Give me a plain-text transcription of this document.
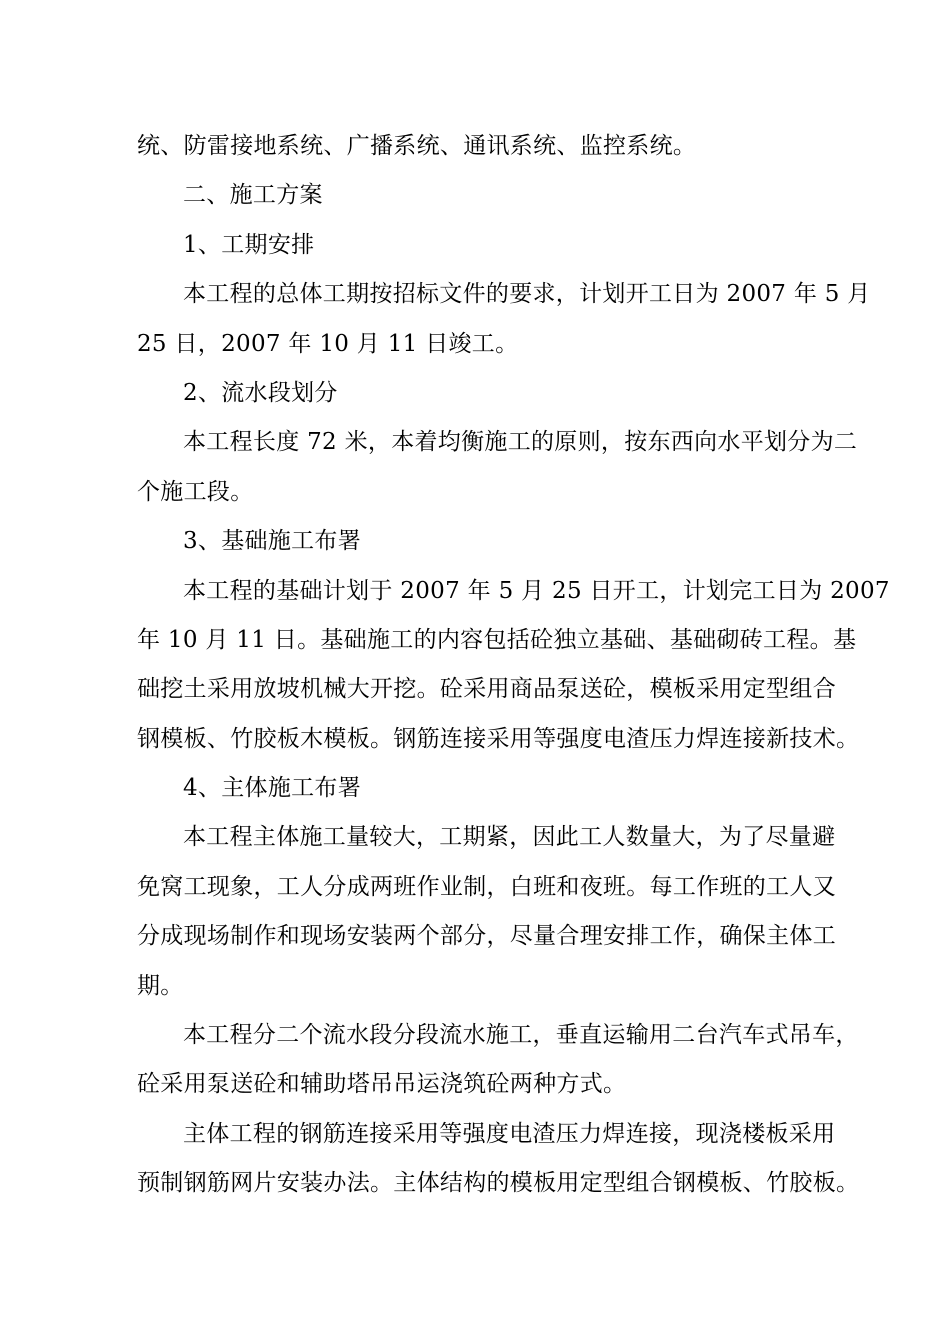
统、防雷接地系统、广播系统、通讯系统、监控系统。
二、施工方案
1、工期安排
本工程的总体工期按招标文件的要求，计划开工日为 2007 年 5 月
25 日，2007 年 10 月 11 日竣工。
2、流水段划分
本工程长度 72 米，本着均衡施工的原则，按东西向水平划分为二
个施工段。
3、基础施工布署
本工程的基础计划于 2007 年 5 月 25 日开工，计划完工日为 2007
年 10 月 11 日。基础施工的内容包括砼独立基础、基础砌砖工程。基
础挖土采用放坡机械大开挖。砼采用商品泵送砼，模板采用定型组合
钢模板、竹胶板木模板。钢筋连接采用等强度电渣压力焊连接新技术。
4、主体施工布署
本工程主体施工量较大，工期紧，因此工人数量大，为了尽量避
免窝工现象，工人分成两班作业制，白班和夜班。每工作班的工人又
分成现场制作和现场安装两个部分，尽量合理安排工作，确保主体工
期。
本工程分二个流水段分段流水施工，垂直运输用二台汽车式吊车，
砼采用泵送砼和辅助塔吊吊运浇筑砼两种方式。
主体工程的钢筋连接采用等强度电渣压力焊连接，现浇楼板采用
预制钢筋网片安装办法。主体结构的模板用定型组合钢模板、竹胶板。
